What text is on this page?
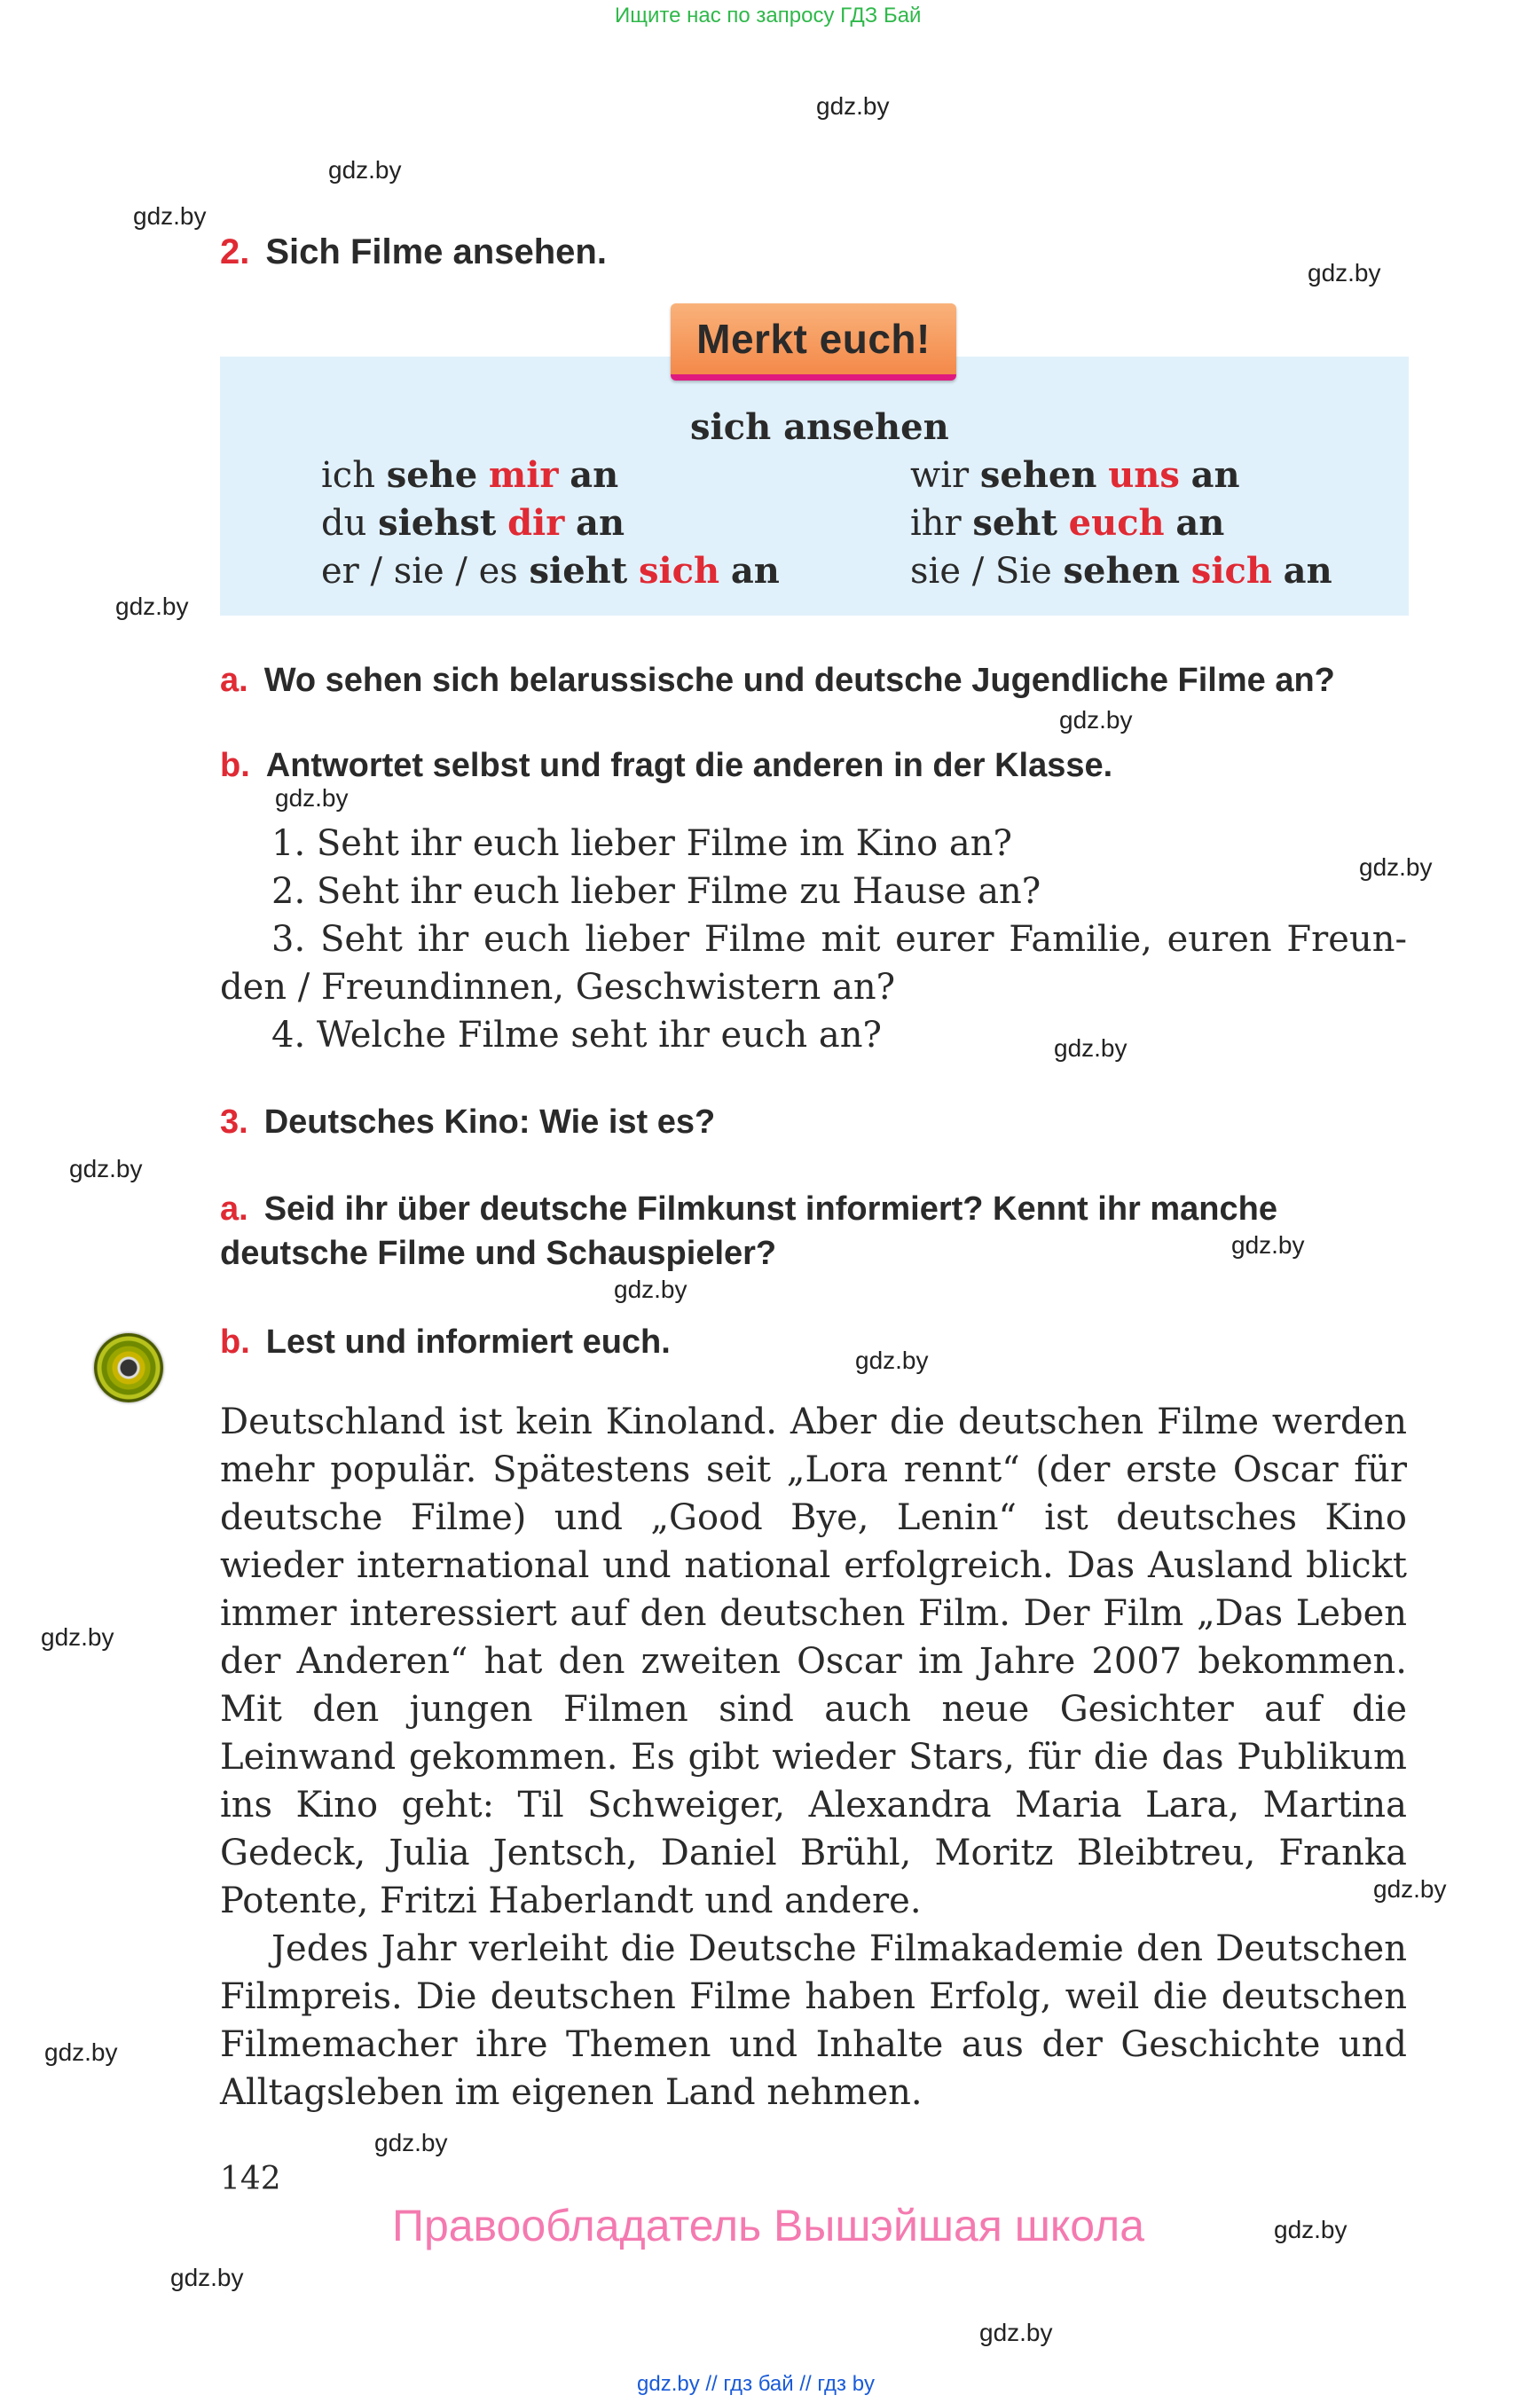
Ищите нас по запросу ГДЗ Бай
gdz.by
gdz.by
gdz.by
gdz.by
gdz.by
gdz.by
gdz.by
gdz.by
gdz.by
gdz.by
gdz.by
gdz.by
gdz.by
gdz.by
gdz.by
gdz.by
gdz.by
gdz.by
gdz.by
gdz.by
2. Sich Filme ansehen.
Merkt euch!
sich ansehen
ich sehe mir an
du siehst dir an
er / sie / es sieht sich an
wir sehen uns an
ihr seht euch an
sie / Sie sehen sich an
a. Wo sehen sich belarussische und deutsche Jugendliche Filme an?
b. Antwortet selbst und fragt die anderen in der Klasse.
1. Seht ihr euch lieber Filme im Kino an?
2. Seht ihr euch lieber Filme zu Hause an?
3. Seht ihr euch lieber Filme mit eurer Familie, euren Freun-
den / Freundinnen, Geschwistern an?
4. Welche Filme seht ihr euch an?
3. Deutsches Kino: Wie ist es?
a. Seid ihr über deutsche Filmkunst informiert? Kennt ihr manche
deutsche Filme und Schauspieler?
b. Lest und informiert euch.

Deutschland ist kein Kinoland. Aber die deutschen Filme werden mehr populär. Spätestens seit „Lora rennt“ (der erste Oscar für deutsche Filme) und „Good Bye, Lenin“ ist deutsches Kino wieder international und national erfolgreich. Das Ausland blickt immer interessiert auf den deutschen Film. Der Film „Das Leben der Anderen“ hat den zweiten Oscar im Jahre 2007 bekommen. Mit den jungen Filmen sind auch neue Gesichter auf die Leinwand gekommen. Es gibt wieder Stars, für die das Publikum ins Kino geht: Til Schweiger, Alexandra Maria Lara, Martina Gedeck, Julia Jentsch, Daniel Brühl, Moritz Bleibtreu, Franka Potente, Fritzi Haberlandt und andere.

Jedes Jahr verleiht die Deutsche Filmakademie den Deutschen Filmpreis. Die deutschen Filme haben Erfolg, weil die deutschen Filmemacher ihre Themen und Inhalte aus der Geschichte und Alltagsleben im eigenen Land nehmen.

142
Правообладатель Вышэйшая школа
gdz.by // гдз бай // гдз by
